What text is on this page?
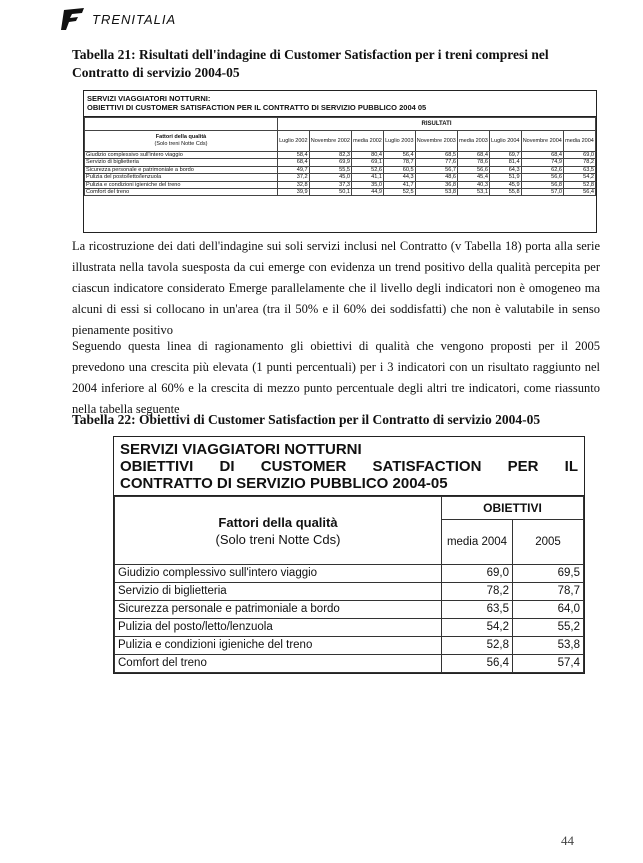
TRENITALIA
Tabella 21: Risultati dell'indagine di Customer Satisfaction per i treni compresi nel Contratto di servizio 2004-05
SERVIZI VIAGGIATORI NOTTURNI:
OBIETTIVI DI CUSTOMER SATISFACTION PER IL CONTRATTO DI SERVIZIO PUBBLICO 2004 05
	RISULTATI								
Fattori della qualità
(Solo treni Notte Cds)	Luglio 2002	Novembre 2002	media 2002	Luglio 2003	Novembre 2003	media 2003	Luglio 2004	Novembre 2004	media 2004
Giudizio complessivo sull'intero viaggio	58,4	82,3	80,4	56,4	68,5	68,4	69,7	68,4	69,0
Servizio di biglietteria	68,4	69,9	69,1	78,7	77,6	78,6	81,4	74,9	78,2
Sicurezza personale e patrimoniale a bordo	49,7	55,5	52,6	60,5	56,7	56,6	64,3	62,6	63,5
Pulizia del posto/letto/lenzuola	37,2	45,0	41,1	44,3	48,6	45,4	51,9	56,6	54,2
Pulizia e condizioni igieniche del treno	32,8	37,3	35,0	41,7	36,8	40,3	45,9	56,8	52,8
Comfort del treno	39,9	50,1	44,9	52,5	53,8	53,1	55,8	57,0	56,4
La ricostruzione dei dati dell'indagine sui soli servizi inclusi nel Contratto (v Tabella 18) porta alla serie illustrata nella tavola suesposta da cui emerge con evidenza un trend positivo della qualità percepita per ciascun indicatore considerato Emerge parallelamente che il livello degli indicatori non è omogeneo ma alcuni di essi si collocano in un'area (tra il 50% e il 60% dei soddisfatti) che non è valutabile in senso pienamente positivo
Seguendo questa linea di ragionamento gli obiettivi di qualità che vengono proposti per il 2005 prevedono una crescita più elevata (1 punti percentuali) per i 3 indicatori con un risultato raggiunto nel 2004 inferiore al 60% e la crescita di mezzo punto percentuale degli altri tre indicatori, come riassunto nella tabella seguente
Tabella 22: Obiettivi di Customer Satisfaction per il Contratto di servizio 2004-05
SERVIZI VIAGGIATORI NOTTURNI
OBIETTIVI DI CUSTOMER SATISFACTION PER IL
CONTRATTO DI SERVIZIO PUBBLICO 2004-05
Fattori della qualità
(Solo treni Notte Cds)	OBIETTIVI	
	media 2004	2005
Giudizio complessivo sull'intero viaggio	69,0	69,5
Servizio di biglietteria	78,2	78,7
Sicurezza personale e patrimoniale a bordo	63,5	64,0
Pulizia del posto/letto/lenzuola	54,2	55,2
Pulizia e condizioni igieniche del treno	52,8	53,8
Comfort del treno	56,4	57,4
44
